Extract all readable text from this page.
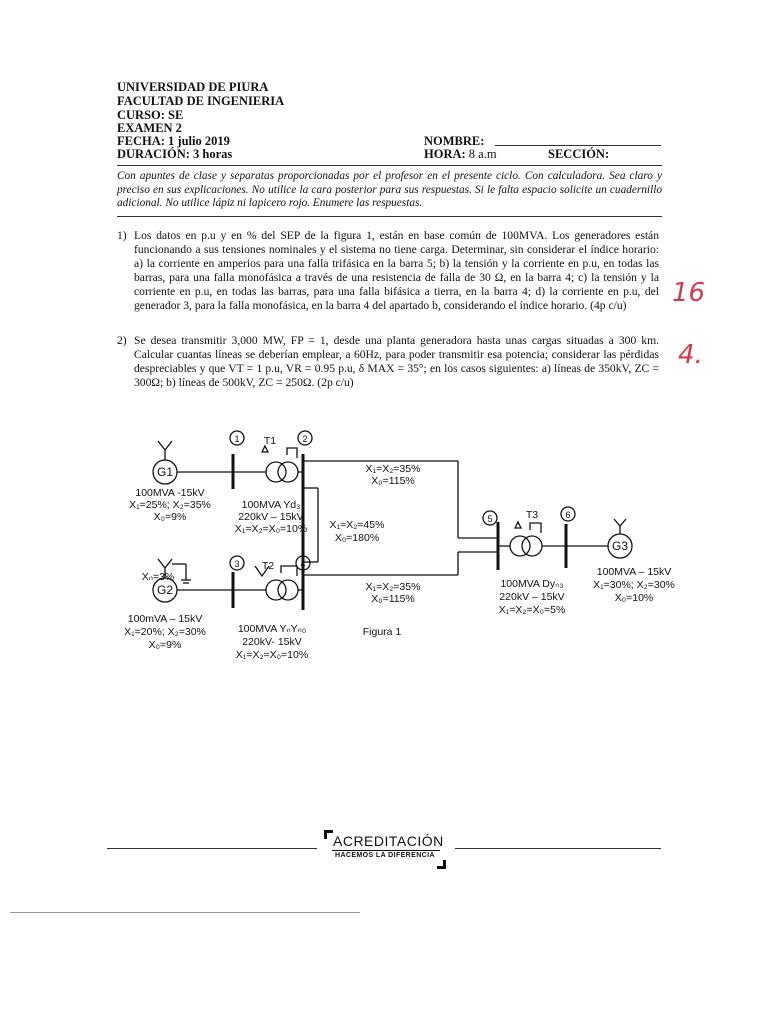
UNIVERSIDAD DE PIURA
FACULTAD DE INGENIERIA
CURSO: SE
EXAMEN 2
FECHA: 1 julio 2019
DURACIÓN: 3 horas
NOMBRE:
HORA: 8 a.m	SECCIÓN:
Con apuntes de clase y separatas proporcionadas por el profesor en el presente ciclo. Con calculadora. Sea claro y preciso en sus explicaciones. No utilice la cara posterior para sus respuestas. Si le falta espacio solicite un cuadernillo adicional. No utilice lápiz ni lapicero rojo. Enumere las respuestas.
1) Los datos en p.u y en % del SEP de la figura 1, están en base común de 100MVA. Los generadores están funcionando a sus tensiones nominales y el sistema no tiene carga. Determinar, sin considerar el índice horario: a) la corriente en amperios para una falla trifásica en la barra 5; b) la tensión y la corriente en p.u, en todas las barras, para una falla monofásica a través de una resistencia de falla de 30 Ω, en la barra 4; c) la tensión y la corriente en p.u, en todas las barras, para una falla bifásica a tierra, en la barra 4; d) la corriente en p.u, del generador 3, para la falla monofásica, en la barra 4 del apartado b, considerando el índice horario. (4p c/u)	16
2) Se desea transmitir 3,000 MW, FP = 1, desde una planta generadora hasta unas cargas situadas a 300 km. Calcular cuantas líneas se deberían emplear, a 60Hz, para poder transmitir esa potencia; considerar las pérdidas despreciables y que VT = 1 p.u, VR = 0.95 p.u, δ MAX = 35°; en los casos siguientes: a) líneas de 350kV, ZC = 300Ω; b) líneas de 500kV, ZC = 250Ω. (2p c/u)
4.
G1
G2
G3
T1
T2
T3
1	2
3	4
5	6
100MVA -15kV
X₁=25%; X₂=35%
X₀=9%
100MVA Yd₃
220kV – 15kV
X₁=X₂=X₀=10%
X₁=X₂=35%
X₀=115%
X₁=X₂=45%
X₀=180%
X₁=X₂=35%
X₀=115%
Xₙ=3%
100mVA – 15kV
X₁=20%; X₂=30%
X₀=9%
100MVA YₙYₙ₀
220kV- 15kV
X₁=X₂=X₀=10%
100MVA Dyₙ₃
220kV – 15kV
X₁=X₂=X₀=5%
100MVA – 15kV
X₁=30%; X₂=30%
X₀=10%
Figura 1
ACREDITACIÓN
HACEMOS LA DIFERENCIA
